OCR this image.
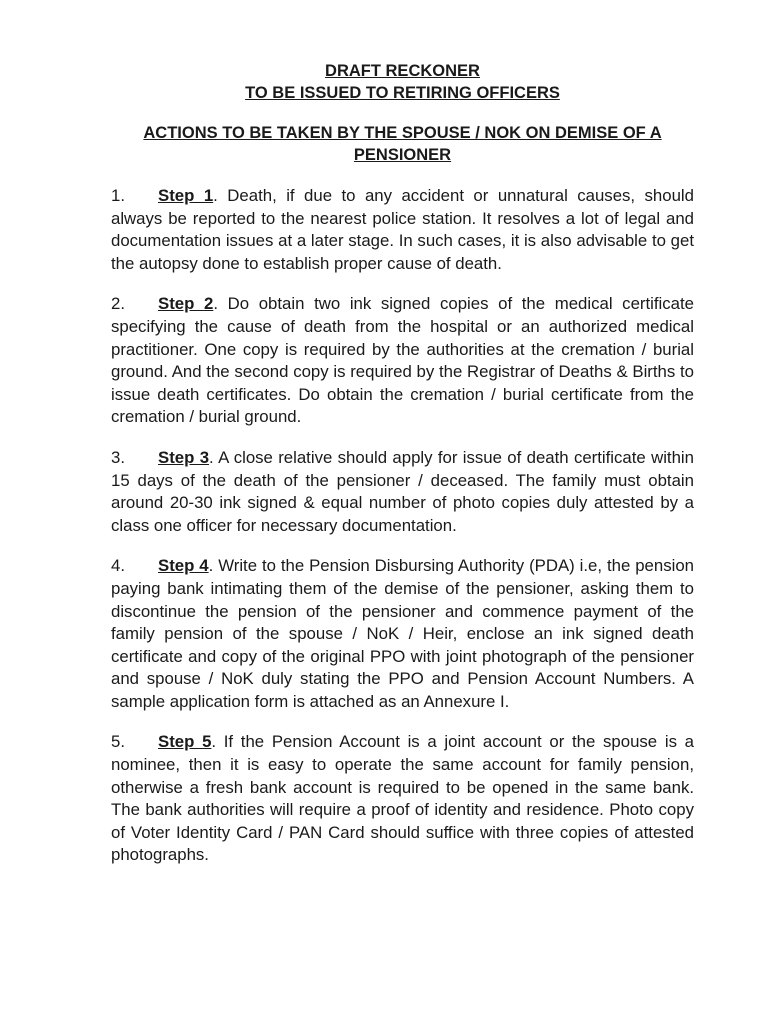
DRAFT RECKONER

TO BE ISSUED TO RETIRING OFFICERS

ACTIONS TO BE TAKEN BY THE SPOUSE / NOK ON DEMISE OF A PENSIONER

1. Step 1. Death, if due to any accident or unnatural causes, should always be reported to the nearest police station. It resolves a lot of legal and documentation issues at a later stage. In such cases, it is also advisable to get the autopsy done to establish proper cause of death.

2. Step 2. Do obtain two ink signed copies of the medical certificate specifying the cause of death from the hospital or an authorized medical practitioner. One copy is required by the authorities at the cremation / burial ground. And the second copy is required by the Registrar of Deaths & Births to issue death certificates. Do obtain the cremation / burial certificate from the cremation / burial ground.

3. Step 3. A close relative should apply for issue of death certificate within 15 days of the death of the pensioner / deceased. The family must obtain around 20-30 ink signed & equal number of photo copies duly attested by a class one officer for necessary documentation.

4. Step 4. Write to the Pension Disbursing Authority (PDA) i.e, the pension paying bank intimating them of the demise of the pensioner, asking them to discontinue the pension of the pensioner and commence payment of the family pension of the spouse / NoK / Heir, enclose an ink signed death certificate and copy of the original PPO with joint photograph of the pensioner and spouse / NoK duly stating the PPO and Pension Account Numbers. A sample application form is attached as an Annexure I.

5. Step 5. If the Pension Account is a joint account or the spouse is a nominee, then it is easy to operate the same account for family pension, otherwise a fresh bank account is required to be opened in the same bank. The bank authorities will require a proof of identity and residence. Photo copy of Voter Identity Card / PAN Card should suffice with three copies of attested photographs.
